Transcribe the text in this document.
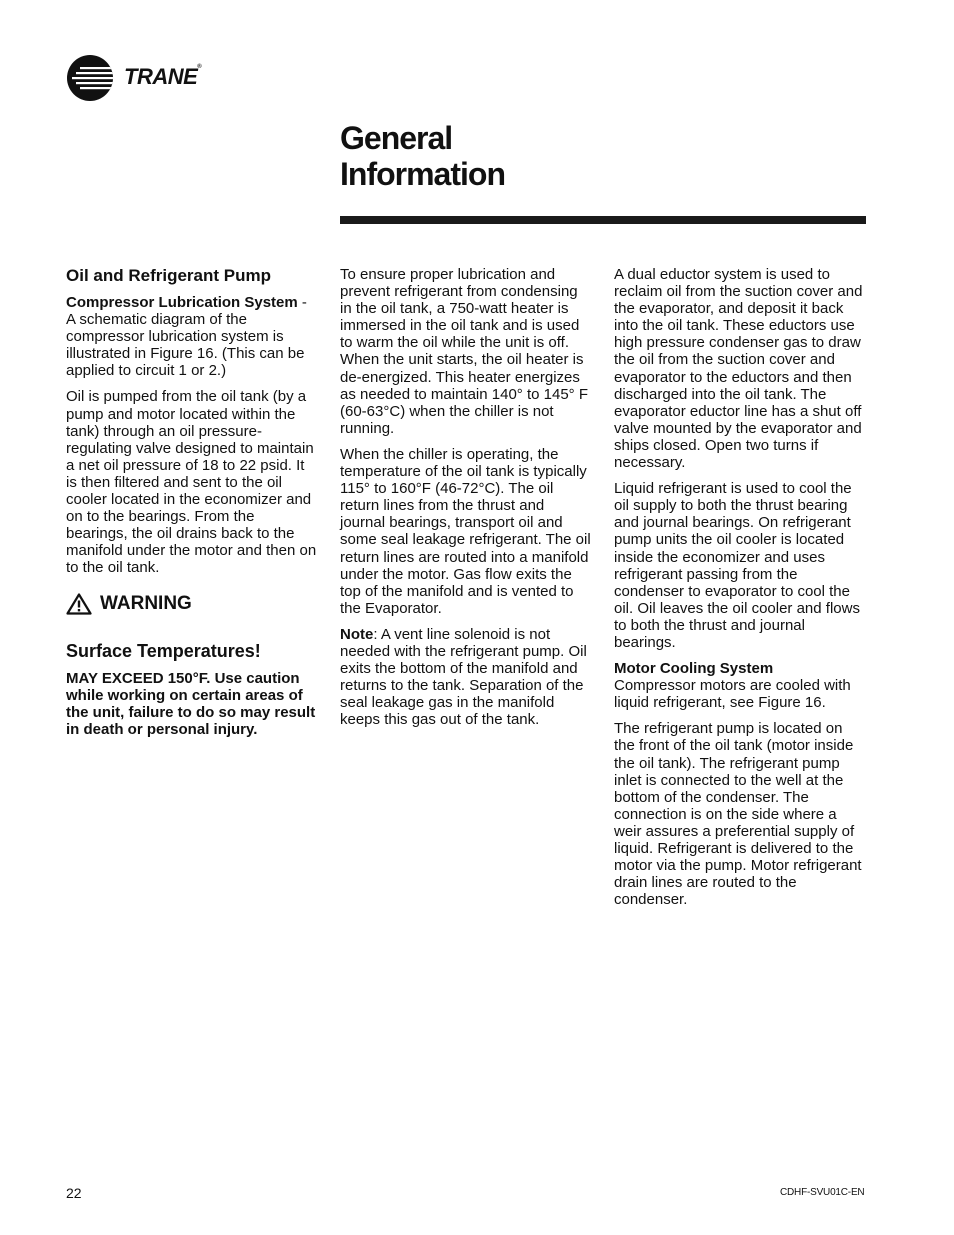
TRANE®
General
Information
Oil and Refrigerant Pump

Compressor Lubrication System - A schematic diagram of the compressor lubrication system is illustrated in Figure 16. (This can be applied to circuit 1 or 2.)

Oil is pumped from the oil tank (by a pump and motor located within the tank) through an oil pressure-regulating valve designed to maintain a net oil pressure of 18 to 22 psid. It is then filtered and sent to the oil cooler located in the economizer and on to the bearings. From the bearings, the oil drains back to the manifold under the motor and then on to the oil tank.

WARNING
Surface Temperatures!

MAY EXCEED 150°F. Use caution while working on certain areas of the unit, failure to do so may result in death or personal injury.

To ensure proper lubrication and prevent refrigerant from condensing in the oil tank, a 750-watt heater is immersed in the oil tank and is used to warm the oil while the unit is off. When the unit starts, the oil heater is de-energized. This heater energizes as needed to maintain 140° to 145° F (60-63°C) when the chiller is not running.

When the chiller is operating, the temperature of the oil tank is typically 115° to 160°F (46-72°C). The oil return lines from the thrust and journal bearings, transport oil and some seal leakage refrigerant. The oil return lines are routed into a manifold under the motor. Gas flow exits the top of the manifold and is vented to the Evaporator.

Note: A vent line solenoid is not needed with the refrigerant pump. Oil exits the bottom of the manifold and returns to the tank. Separation of the seal leakage gas in the manifold keeps this gas out of the tank.

A dual eductor system is used to reclaim oil from the suction cover and the evaporator, and deposit it back into the oil tank. These eductors use high pressure condenser gas to draw the oil from the suction cover and evaporator to the eductors and then discharged into the oil tank. The evaporator eductor line has a shut off valve mounted by the evaporator and ships closed. Open two turns if necessary.

Liquid refrigerant is used to cool the oil supply to both the thrust bearing and journal bearings. On refrigerant pump units the oil cooler is located inside the economizer and uses refrigerant passing from the condenser to evaporator to cool the oil. Oil leaves the oil cooler and flows to both the thrust and journal bearings.

Motor Cooling System
Compressor motors are cooled with liquid refrigerant, see Figure 16.

The refrigerant pump is located on the front of the oil tank (motor inside the oil tank). The refrigerant pump inlet is connected to the well at the bottom of the condenser. The connection is on the side where a weir assures a preferential supply of liquid. Refrigerant is delivered to the motor via the pump. Motor refrigerant drain lines are routed to the condenser.

22	CDHF-SVU01C-EN
